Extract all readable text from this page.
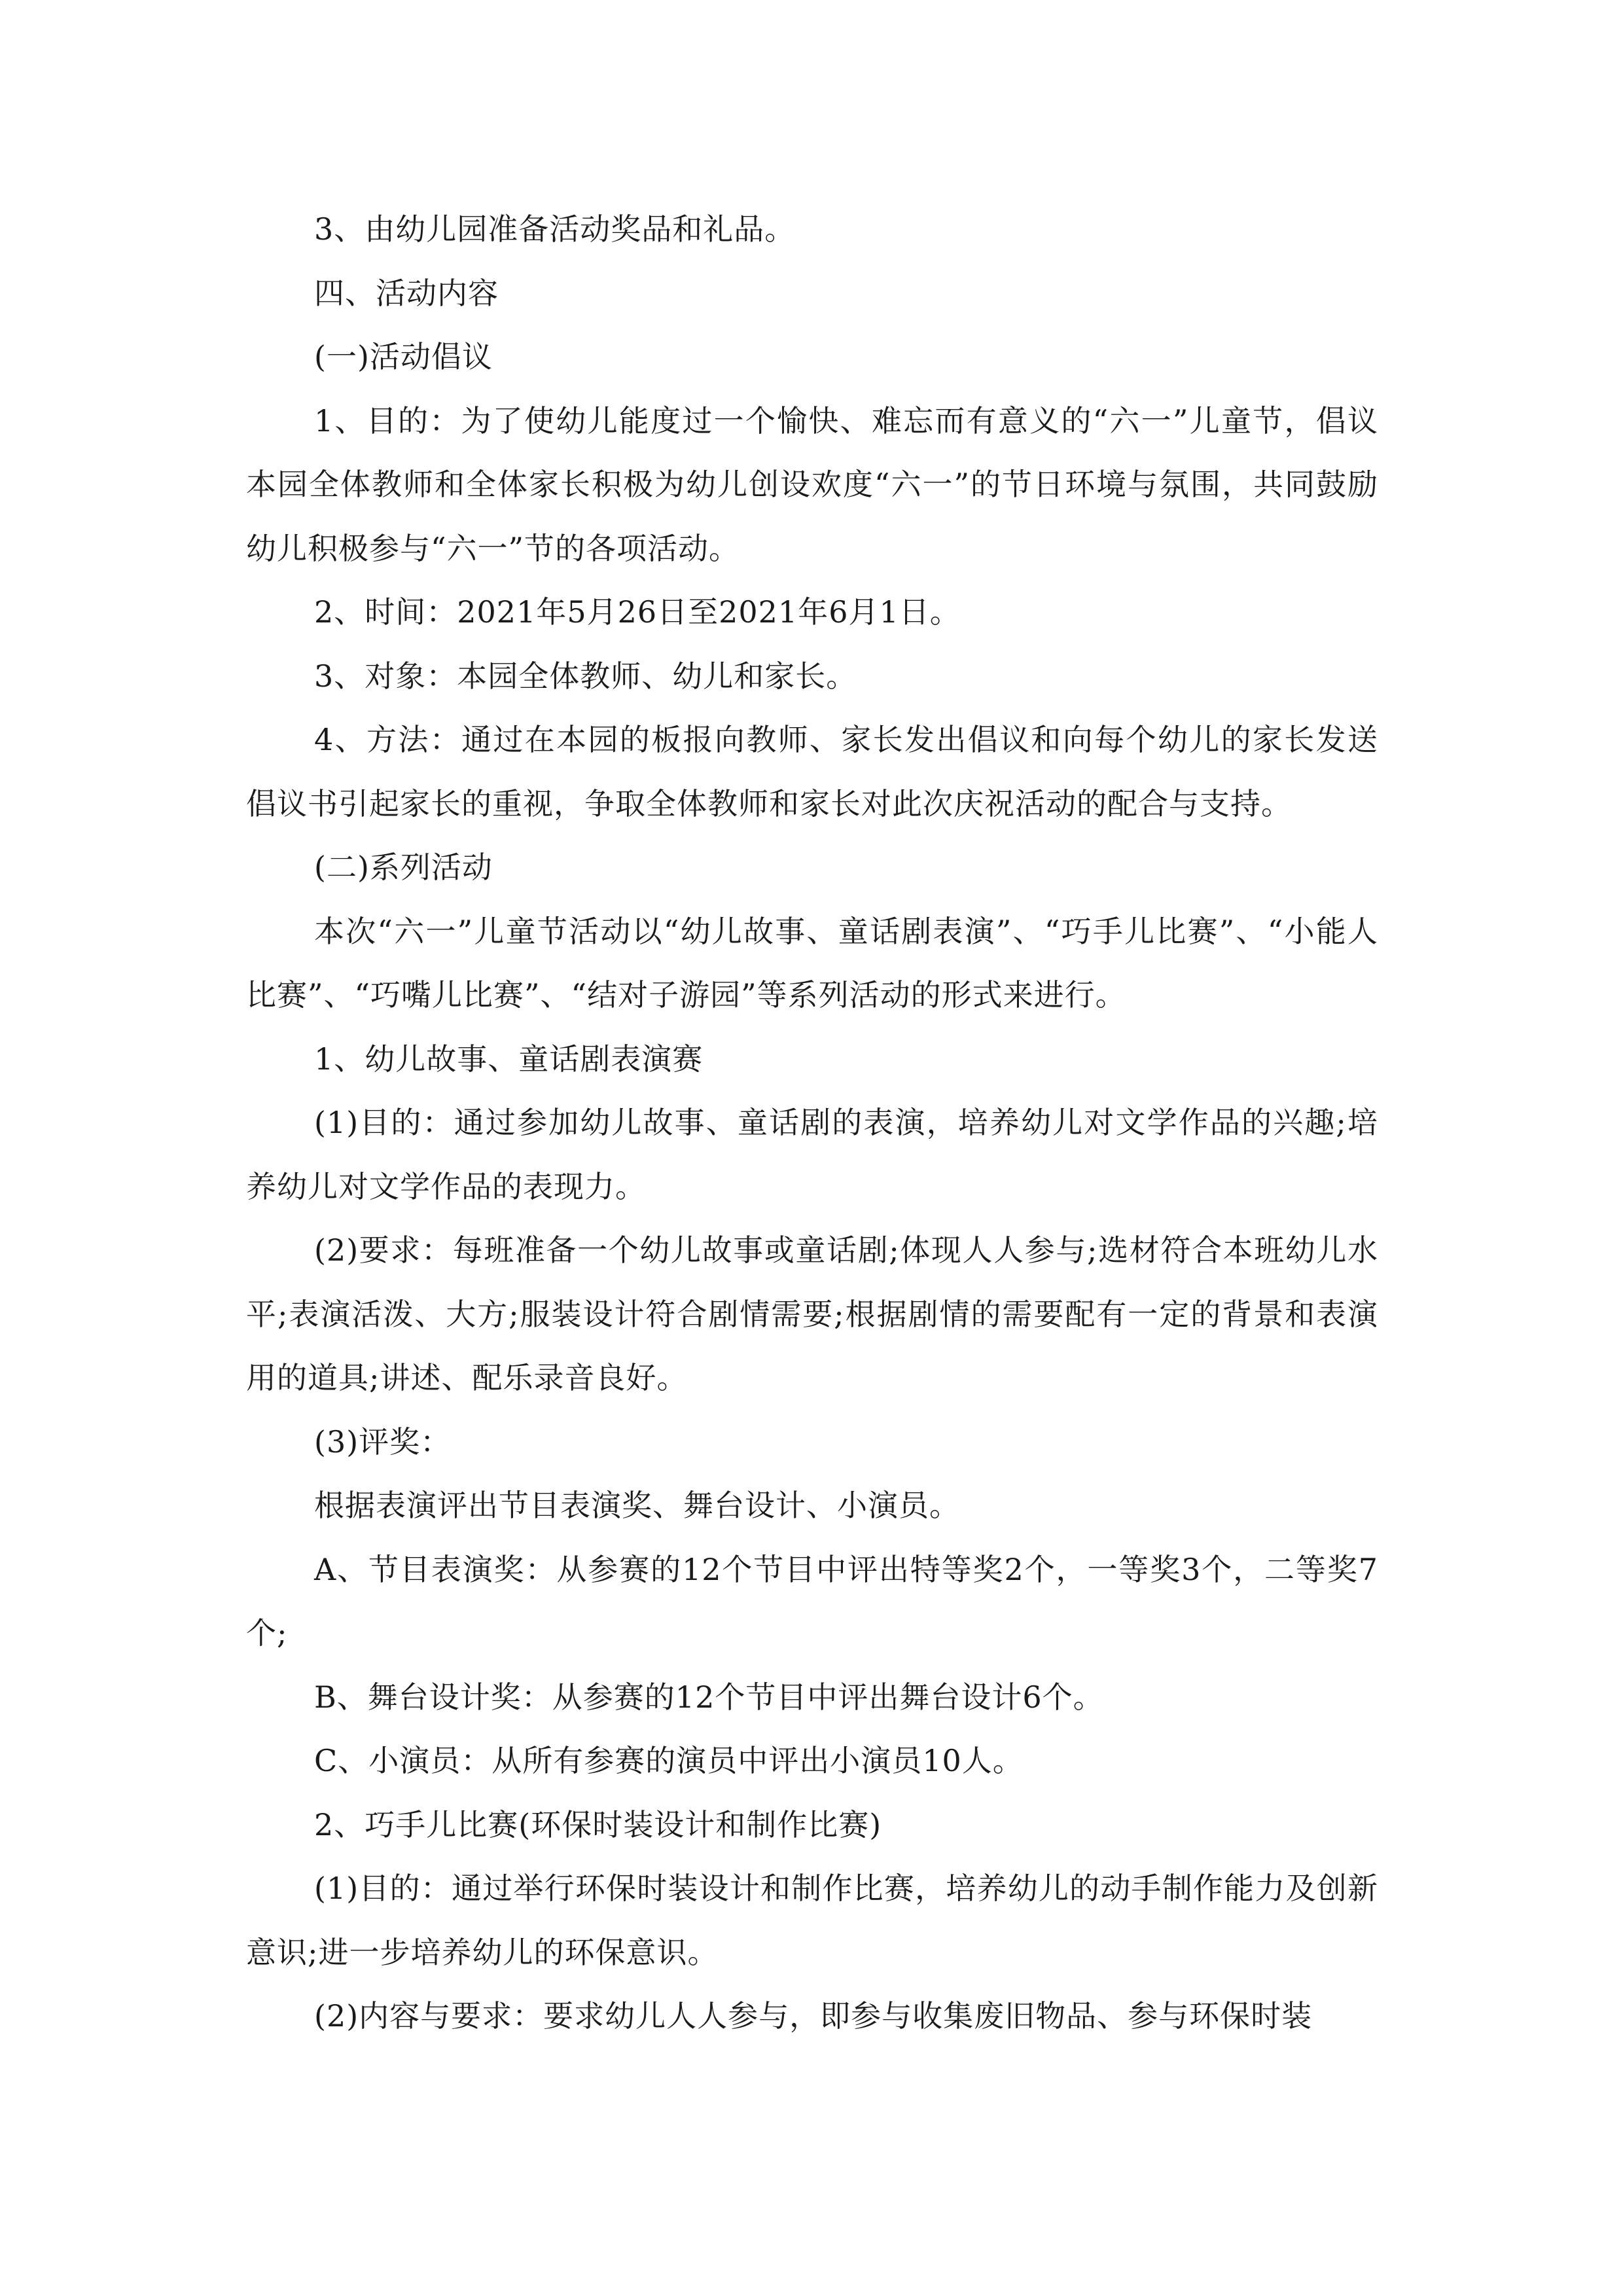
3、由幼儿园准备活动奖品和礼品。

四、活动内容

(一)活动倡议

1、目的：为了使幼儿能度过一个愉快、难忘而有意义的“六一”儿童节，倡议本园全体教师和全体家长积极为幼儿创设欢度“六一”的节日环境与氛围，共同鼓励幼儿积极参与“六一”节的各项活动。

2、时间：2021年5月26日至2021年6月1日。

3、对象：本园全体教师、幼儿和家长。

4、方法：通过在本园的板报向教师、家长发出倡议和向每个幼儿的家长发送倡议书引起家长的重视，争取全体教师和家长对此次庆祝活动的配合与支持。

(二)系列活动

本次“六一”儿童节活动以“幼儿故事、童话剧表演”、“巧手儿比赛”、“小能人比赛”、“巧嘴儿比赛”、“结对子游园”等系列活动的形式来进行。

1、幼儿故事、童话剧表演赛

(1)目的：通过参加幼儿故事、童话剧的表演，培养幼儿对文学作品的兴趣;培养幼儿对文学作品的表现力。

(2)要求：每班准备一个幼儿故事或童话剧;体现人人参与;选材符合本班幼儿水平;表演活泼、大方;服装设计符合剧情需要;根据剧情的需要配有一定的背景和表演用的道具;讲述、配乐录音良好。

(3)评奖：

根据表演评出节目表演奖、舞台设计、小演员。

A、节目表演奖：从参赛的12个节目中评出特等奖2个，一等奖3个，二等奖7个;

B、舞台设计奖：从参赛的12个节目中评出舞台设计6个。

C、小演员：从所有参赛的演员中评出小演员10人。

2、巧手儿比赛(环保时装设计和制作比赛)

(1)目的：通过举行环保时装设计和制作比赛，培养幼儿的动手制作能力及创新意识;进一步培养幼儿的环保意识。

(2)内容与要求：要求幼儿人人参与，即参与收集废旧物品、参与环保时装
